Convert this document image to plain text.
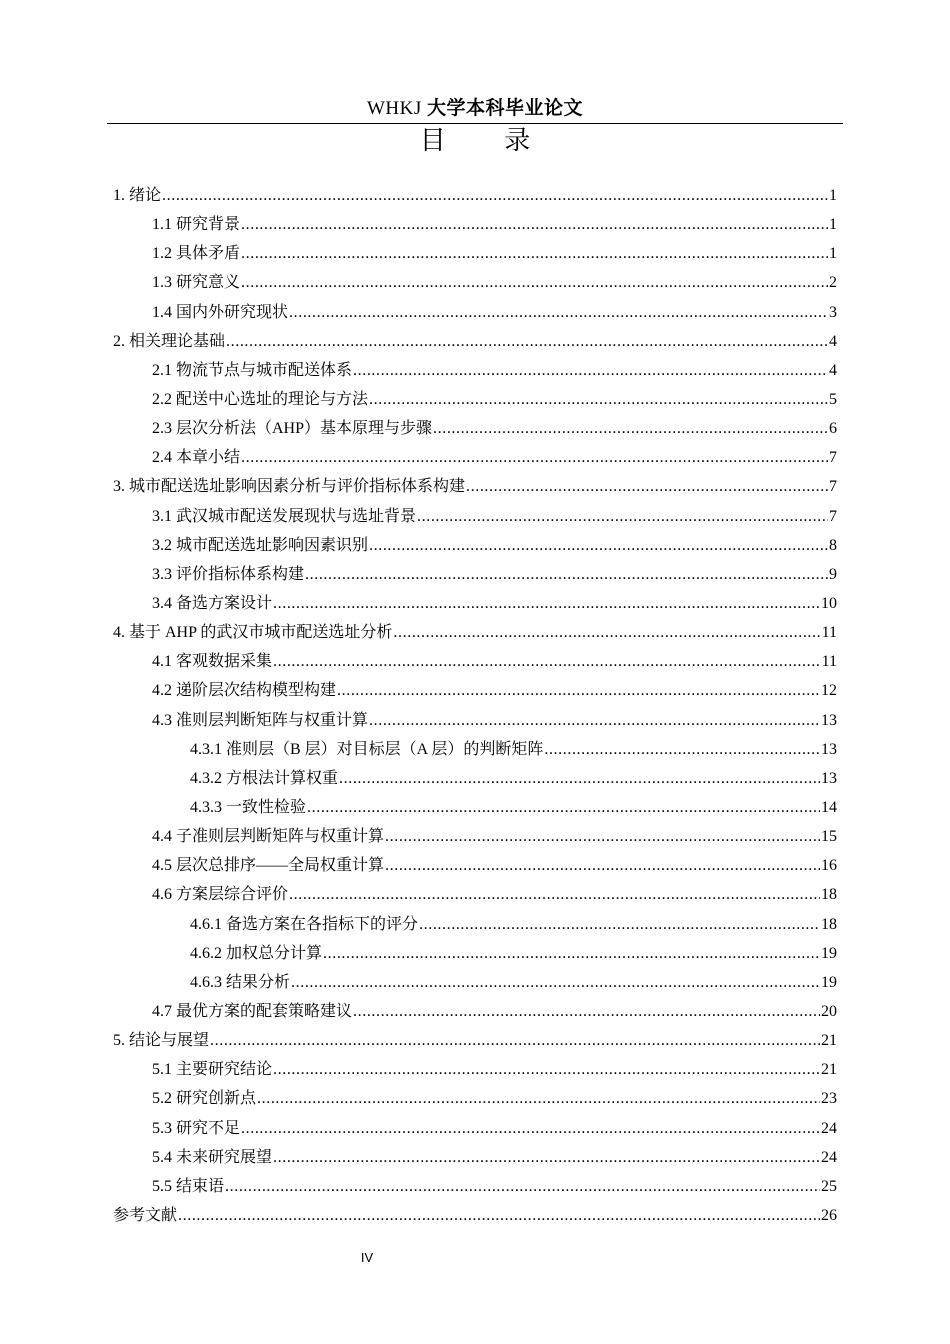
WHKJ 大学本科毕业论文
目 录
1. 绪论 .....	1
1.1 研究背景 .....	1
1.2 具体矛盾 .....	1
1.3 研究意义 .....	2
1.4 国内外研究现状 .....	3
2. 相关理论基础 .....	4
2.1 物流节点与城市配送体系 .....	4
2.2 配送中心选址的理论与方法 .....	5
2.3 层次分析法（AHP）基本原理与步骤 .....	6
2.4 本章小结 .....	7
3. 城市配送选址影响因素分析与评价指标体系构建 .....	7
3.1 武汉城市配送发展现状与选址背景 .....	7
3.2 城市配送选址影响因素识别 .....	8
3.3 评价指标体系构建 .....	9
3.4 备选方案设计 .....	10
4. 基于 AHP 的武汉市城市配送选址分析 .....	11
4.1 客观数据采集 .....	11
4.2 递阶层次结构模型构建 .....	12
4.3 准则层判断矩阵与权重计算 .....	13
4.3.1 准则层（B 层）对目标层（A 层）的判断矩阵 .....	13
4.3.2 方根法计算权重 .....	13
4.3.3 一致性检验 .....	14
4.4 子准则层判断矩阵与权重计算 .....	15
4.5 层次总排序——全局权重计算 .....	16
4.6 方案层综合评价 .....	18
4.6.1 备选方案在各指标下的评分 .....	18
4.6.2 加权总分计算 .....	19
4.6.3 结果分析 .....	19
4.7 最优方案的配套策略建议 .....	20
5. 结论与展望 .....	21
5.1 主要研究结论 .....	21
5.2 研究创新点 .....	23
5.3 研究不足 .....	24
5.4 未来研究展望 .....	24
5.5 结束语 .....	25
参考文献 .....	26
IV
